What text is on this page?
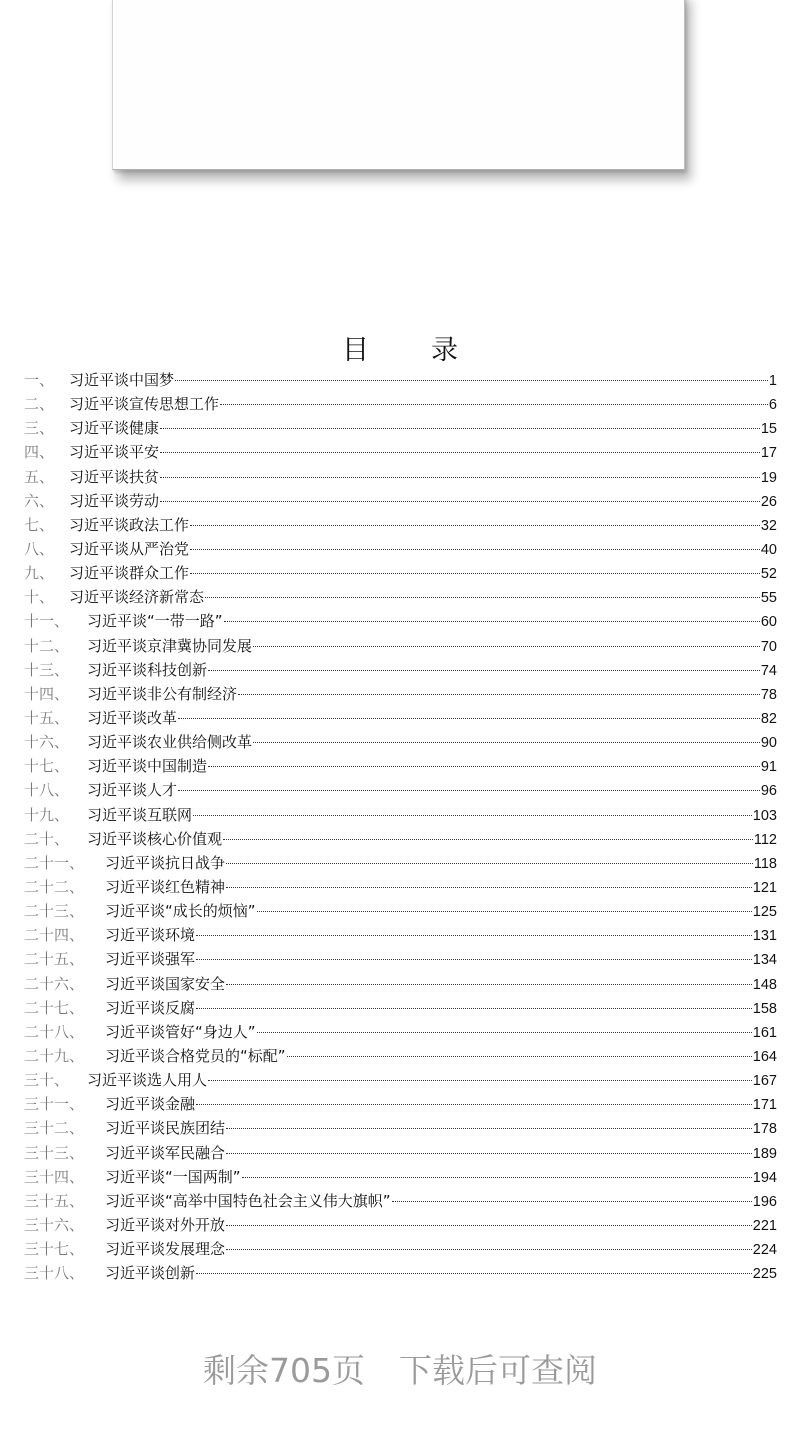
目 录
一、 习近平谈中国梦	1
二、 习近平谈宣传思想工作	6
三、 习近平谈健康	15
四、 习近平谈平安	17
五、 习近平谈扶贫	19
六、 习近平谈劳动	26
七、 习近平谈政法工作	32
八、 习近平谈从严治党	40
九、 习近平谈群众工作	52
十、 习近平谈经济新常态	55
十一、	习近平谈“一带一路”	60
十二、	习近平谈京津冀协同发展	70
十三、	习近平谈科技创新	74
十四、	习近平谈非公有制经济	78
十五、	习近平谈改革	82
十六、	习近平谈农业供给侧改革	90
十七、	习近平谈中国制造	91
十八、	习近平谈人才	96
十九、	习近平谈互联网	103
二十、	习近平谈核心价值观	112
二十一、	习近平谈抗日战争	118
二十二、	习近平谈红色精神	121
二十三、	习近平谈“成长的烦恼”	125
二十四、	习近平谈环境	131
二十五、	习近平谈强军	134
二十六、	习近平谈国家安全	148
二十七、	习近平谈反腐	158
二十八、	习近平谈管好“身边人”	161
二十九、	习近平谈合格党员的“标配”	164
三十、	习近平谈选人用人	167
三十一、	习近平谈金融	171
三十二、	习近平谈民族团结	178
三十三、	习近平谈军民融合	189
三十四、	习近平谈“一国两制”	194
三十五、	习近平谈“高举中国特色社会主义伟大旗帜”	196
三十六、	习近平谈对外开放	221
三十七、	习近平谈发展理念	224
三十八、	习近平谈创新	225
剩余705页 下载后可查阅
